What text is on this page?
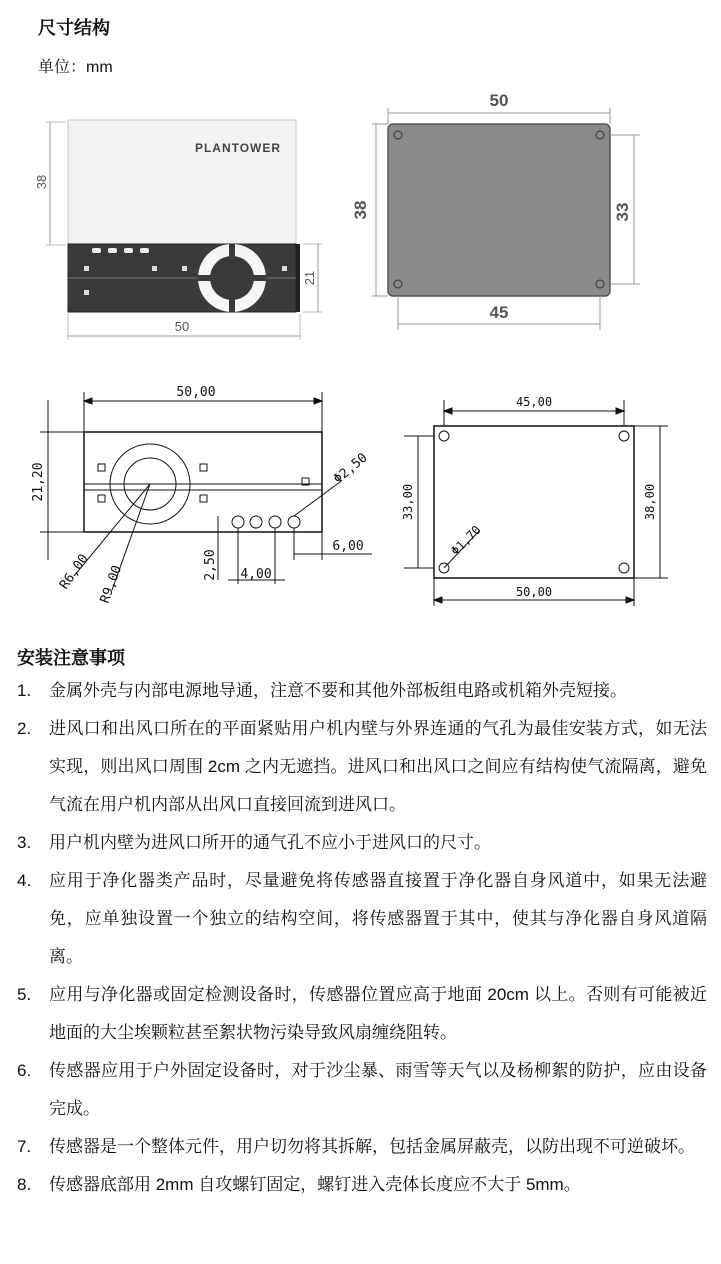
尺寸结构
单位：mm
38
PLANTOWER
21
50
50
38	33
45
50,00
21,20	Φ2,50
R6,00 R9,00	2,50 4,00
6,00
45,00
33,00	38,00
Φ1,70
50,00
安装注意事项
1.	金属外壳与内部电源地导通，注意不要和其他外部板组电路或机箱外壳短接。
2.	进风口和出风口所在的平面紧贴用户机内壁与外界连通的气孔为最佳安装方式，如无法实现，则出风口周围 2cm 之内无遮挡。进风口和出风口之间应有结构使气流隔离，避免气流在用户机内部从出风口直接回流到进风口。
3.	用户机内壁为进风口所开的通气孔不应小于进风口的尺寸。
4.	应用于净化器类产品时，尽量避免将传感器直接置于净化器自身风道中，如果无法避免，应单独设置一个独立的结构空间，将传感器置于其中，使其与净化器自身风道隔离。
5.	应用与净化器或固定检测设备时，传感器位置应高于地面 20cm 以上。否则有可能被近地面的大尘埃颗粒甚至絮状物污染导致风扇缠绕阻转。
6.	传感器应用于户外固定设备时，对于沙尘暴、雨雪等天气以及杨柳絮的防护，应由设备完成。
7.	传感器是一个整体元件，用户切勿将其拆解，包括金属屏蔽壳，以防出现不可逆破坏。
8.	传感器底部用 2mm 自攻螺钉固定，螺钉进入壳体长度应不大于 5mm。
